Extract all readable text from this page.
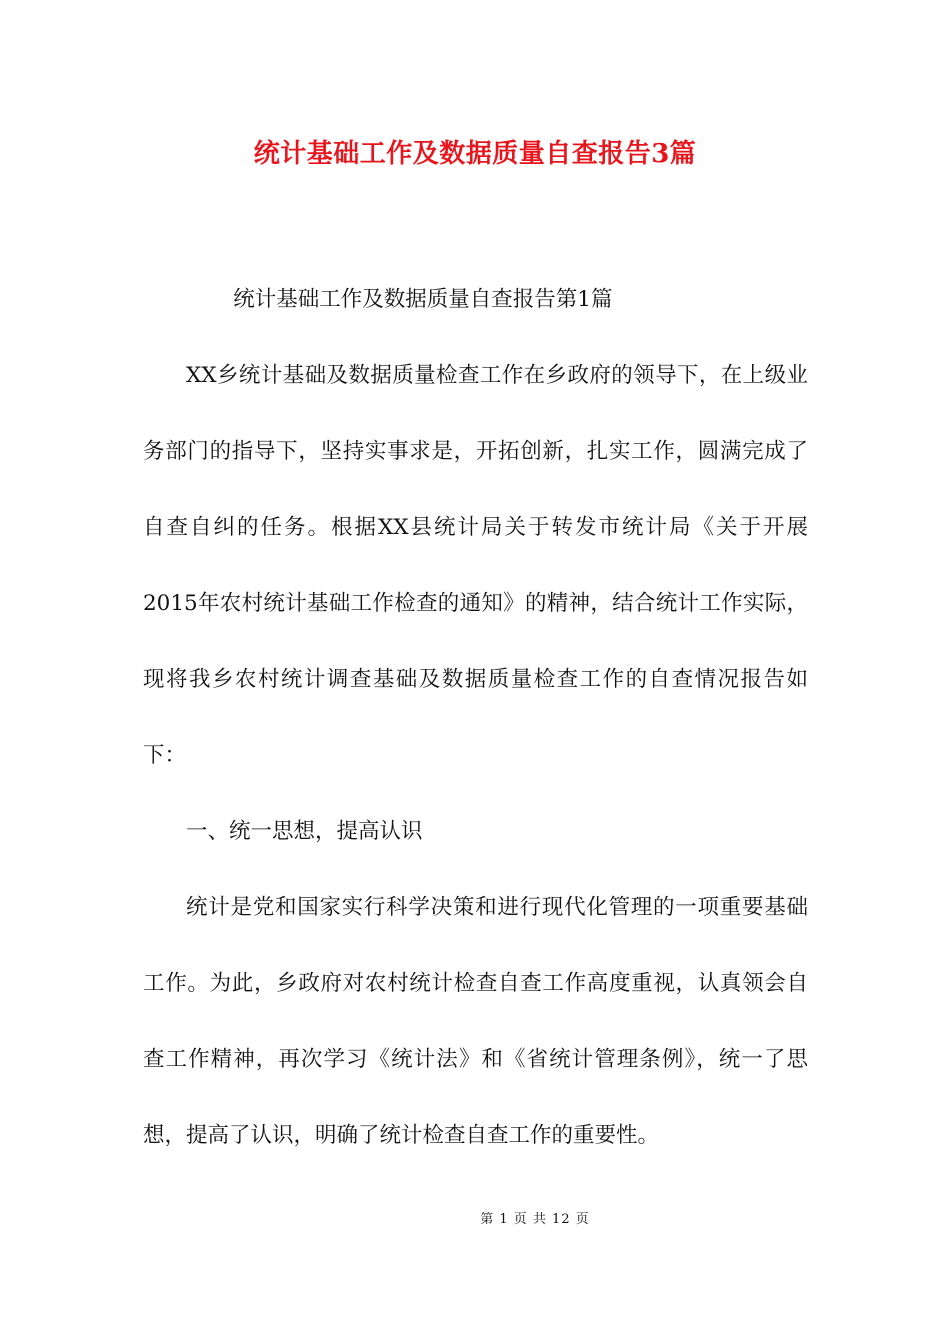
统计基础工作及数据质量自查报告3篇

统计基础工作及数据质量自查报告第1篇

XX乡统计基础及数据质量检查工作在乡政府的领导下，在上级业务部门的指导下，坚持实事求是，开拓创新，扎实工作，圆满完成了自查自纠的任务。根据XX县统计局关于转发市统计局《关于开展2015年农村统计基础工作检查的通知》的精神，结合统计工作实际，现将我乡农村统计调查基础及数据质量检查工作的自查情况报告如下：

一、统一思想，提高认识

统计是党和国家实行科学决策和进行现代化管理的一项重要基础工作。为此，乡政府对农村统计检查自查工作高度重视，认真领会自查工作精神，再次学习《统计法》和《省统计管理条例》，统一了思想，提高了认识，明确了统计检查自查工作的重要性。

第 1 页 共 12 页
